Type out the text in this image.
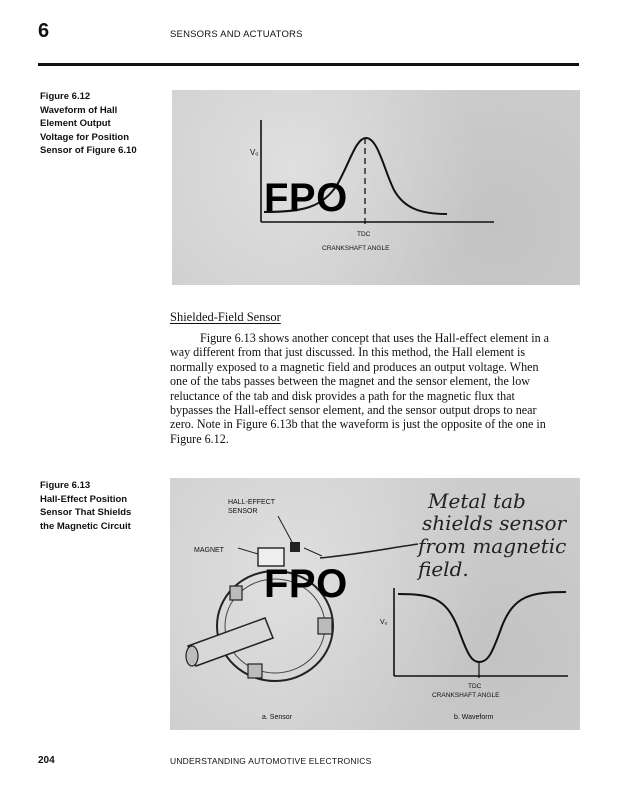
6	SENSORS AND ACTUATORS
Figure 6.12
Waveform of Hall
Element Output
Voltage for Position
Sensor of Figure 6.10	Vₒ
TDC
CRANKSHAFT ANGLE
FPO
Shielded-Field Sensor
Figure 6.13 shows another concept that uses the Hall-effect element in a
way different from that just discussed. In this method, the Hall element is
normally exposed to a magnetic field and produces an output voltage. When
one of the tabs passes between the magnet and the sensor element, the low
reluctance of the tab and disk provides a path for the magnetic flux that
bypasses the Hall-effect sensor element, and the sensor output drops to near
zero. Note in Figure 6.13b that the waveform is just the opposite of the one in
Figure 6.12.
Figure 6.13
Hall-Effect Position
Sensor That Shields
the Magnetic Circuit
HALL-EFFECT
SENSOR
MAGNET
Metal tab
shields sensor
from magnetic
field.
Vₒ
TDC
CRANKSHAFT ANGLE
a. Sensor	b. Waveform
FPO
204	UNDERSTANDING AUTOMOTIVE ELECTRONICS
